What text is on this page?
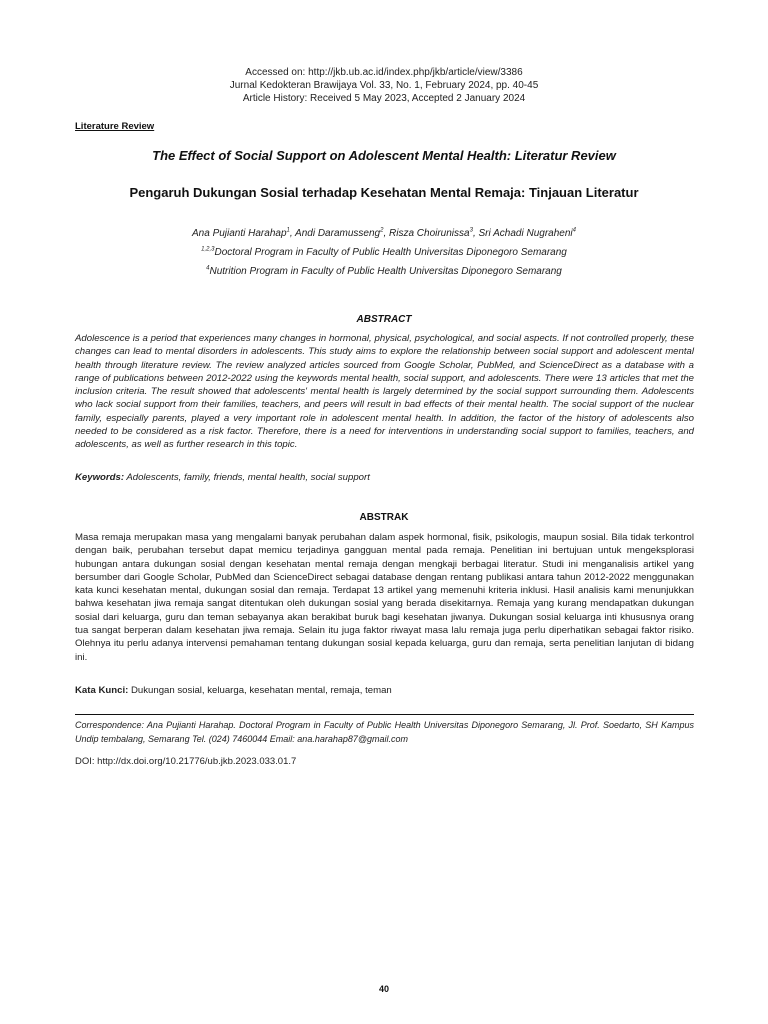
Accessed on: http://jkb.ub.ac.id/index.php/jkb/article/view/3386
Jurnal Kedokteran Brawijaya Vol. 33, No. 1, February 2024, pp. 40-45
Article History: Received 5 May 2023, Accepted 2 January 2024
Literature Review
The Effect of Social Support on Adolescent Mental Health: Literatur Review
Pengaruh Dukungan Sosial terhadap Kesehatan Mental Remaja: Tinjauan Literatur
Ana Pujianti Harahap$^1$, Andi Daramusseng$^2$, Risza Choirunissa$^3$, Sri Achadi Nugraheni$^4$
$^{1,2,3}$Doctoral Program in Faculty of Public Health Universitas Diponegoro Semarang
$^4$Nutrition Program in Faculty of Public Health Universitas Diponegoro Semarang
ABSTRACT
Adolescence is a period that experiences many changes in hormonal, physical, psychological, and social aspects. If not controlled properly, these changes can lead to mental disorders in adolescents. This study aims to explore the relationship between social support and adolescent mental health through literature review. The review analyzed articles sourced from Google Scholar, PubMed, and ScienceDirect as a database with a range of publications between 2012-2022 using the keywords mental health, social support, and adolescents. There were 13 articles that met the inclusion criteria. The result showed that adolescents' mental health is largely determined by the social support surrounding them. Adolescents who lack social support from their families, teachers, and peers will result in bad effects of their mental health. The social support of the nuclear family, especially parents, played a very important role in adolescent mental health. In addition, the factor of the history of adolescents also needed to be considered as a risk factor. Therefore, there is a need for interventions in understanding social support to families, teachers, and adolescents, as well as further research in this topic.
Keywords: Adolescents, family, friends, mental health, social support
ABSTRAK
Masa remaja merupakan masa yang mengalami banyak perubahan dalam aspek hormonal, fisik, psikologis, maupun sosial. Bila tidak terkontrol dengan baik, perubahan tersebut dapat memicu terjadinya gangguan mental pada remaja. Penelitian ini bertujuan untuk mengeksplorasi hubungan antara dukungan sosial dengan kesehatan mental remaja dengan mengkaji berbagai literatur. Studi ini menganalisis artikel yang bersumber dari Google Scholar, PubMed dan ScienceDirect sebagai database dengan rentang publikasi antara tahun 2012-2022 menggunakan kata kunci kesehatan mental, dukungan sosial dan remaja. Terdapat 13 artikel yang memenuhi kriteria inklusi. Hasil analisis kami menunjukkan bahwa kesehatan jiwa remaja sangat ditentukan oleh dukungan sosial yang berada disekitarnya. Remaja yang kurang mendapatkan dukungan sosial dari keluarga, guru dan teman sebayanya akan berakibat buruk bagi kesehatan jiwanya. Dukungan sosial keluarga inti khususnya orang tua sangat berperan dalam kesehatan jiwa remaja. Selain itu juga faktor riwayat masa lalu remaja juga perlu diperhatikan sebagai faktor risiko. Olehnya itu perlu adanya intervensi pemahaman tentang dukungan sosial kepada keluarga, guru dan remaja, serta penelitian lanjutan di bidang ini.
Kata Kunci: Dukungan sosial, keluarga, kesehatan mental, remaja, teman
Correspondence: Ana Pujianti Harahap. Doctoral Program in Faculty of Public Health Universitas Diponegoro Semarang, Jl. Prof. Soedarto, SH Kampus Undip tembalang, Semarang Tel. (024) 7460044 Email: ana.harahap87@gmail.com
DOI: http://dx.doi.org/10.21776/ub.jkb.2023.033.01.7
40
